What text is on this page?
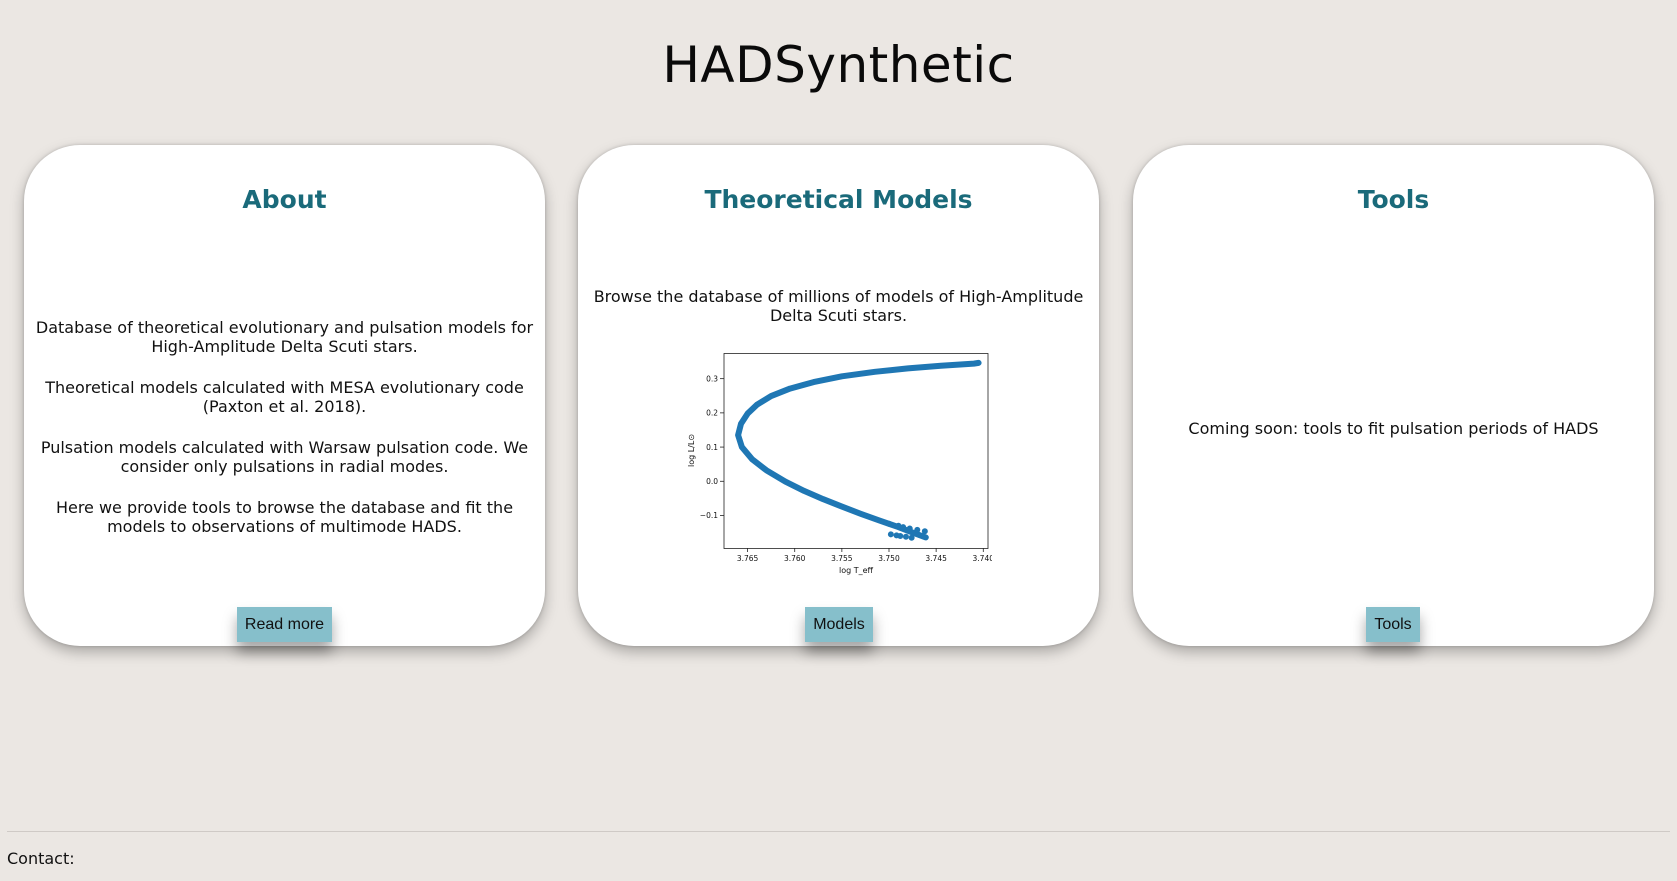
HADSynthetic
About

Database of theoretical evolutionary and pulsation models for High-Amplitude Delta Scuti stars.

Theoretical models calculated with MESA evolutionary code (Paxton et al. 2018).

Pulsation models calculated with Warsaw pulsation code. We consider only pulsations in radial modes.

Here we provide tools to browse the database and fit the models to observations of multimode HADS.

Read more
Theoretical Models

Browse the database of millions of models of High-Amplitude Delta Scuti stars.

3.765	3.760	3.755	3.750	3.745	3.740
−0.1
0.0
0.1
0.2
0.3
log T_eff
log L/L⊙
Models
Tools

Coming soon: tools to fit pulsation periods of HADS

Tools
Contact:
